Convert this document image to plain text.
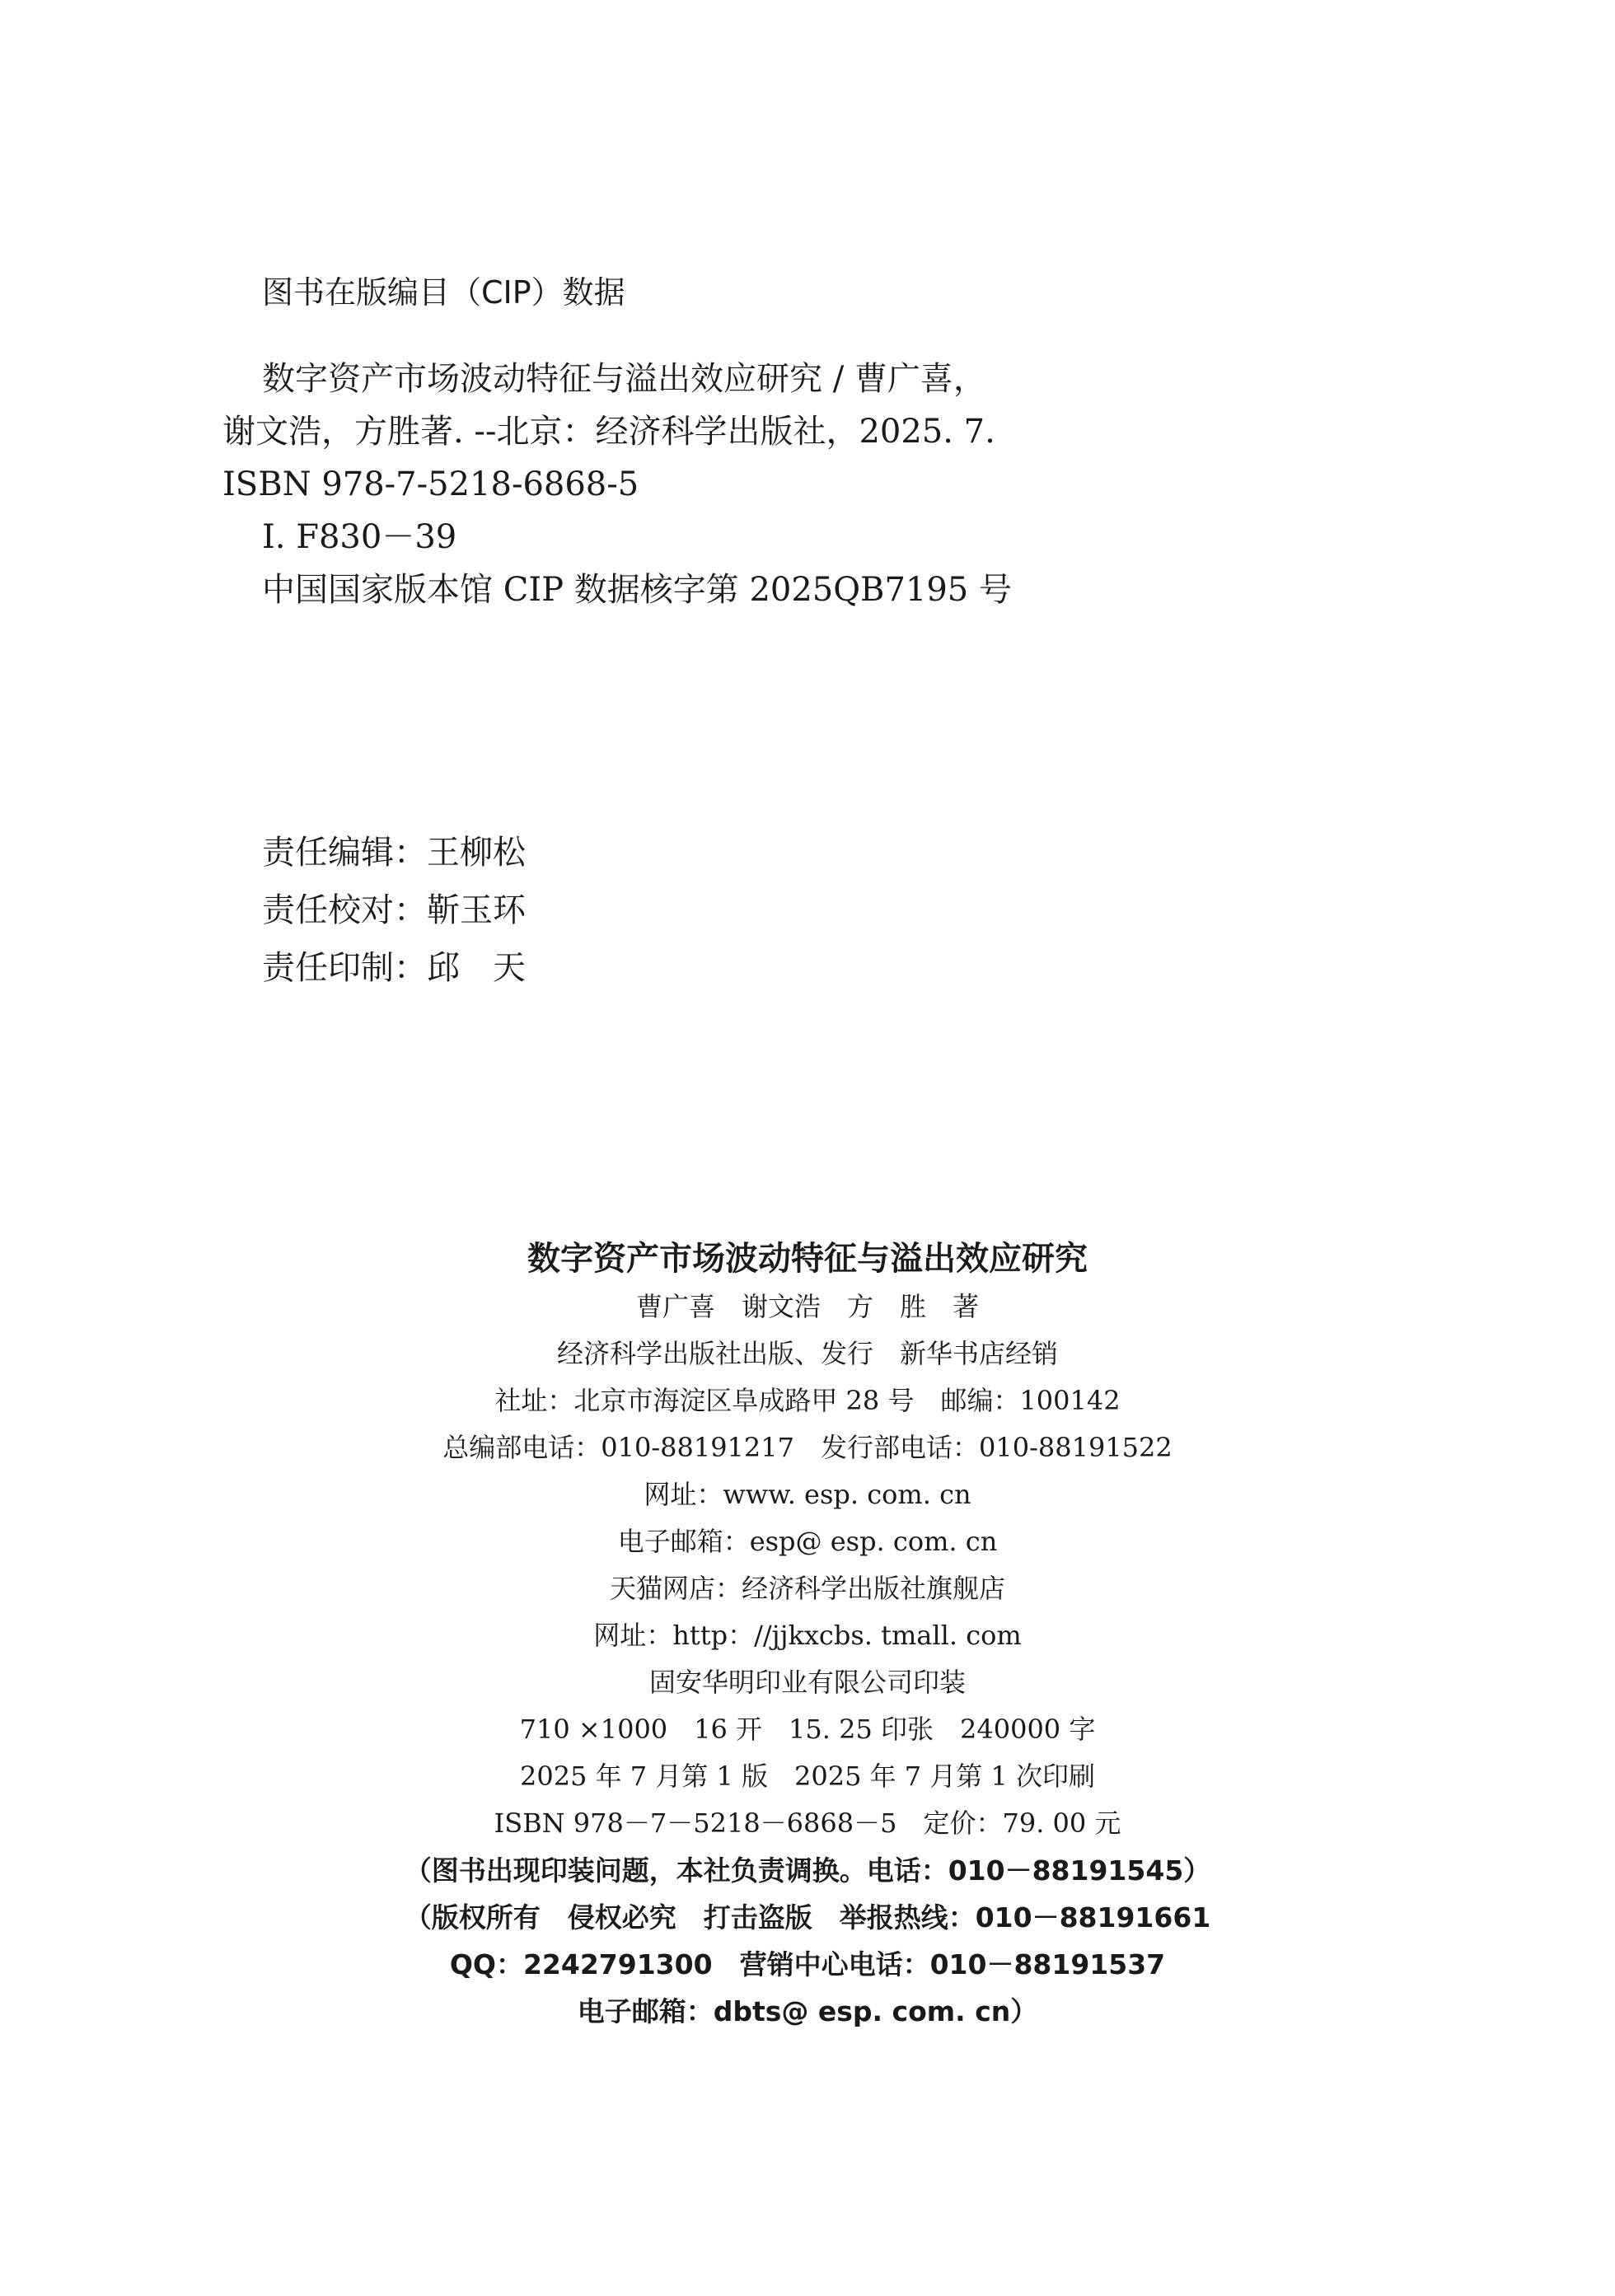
图书在版编目（CIP）数据
数字资产市场波动特征与溢出效应研究 / 曹广喜，
谢文浩，方胜著. --北京：经济科学出版社，2025. 7.
ISBN 978-7-5218-6868-5
Ⅰ. F830－39
中国国家版本馆 CIP 数据核字第 2025QB7195 号
责任编辑：王柳松
责任校对：靳玉环
责任印制：邱　天
数字资产市场波动特征与溢出效应研究
曹广喜　谢文浩　方　胜　著
经济科学出版社出版、发行　新华书店经销
社址：北京市海淀区阜成路甲 28 号　邮编：100142
总编部电话：010-88191217　发行部电话：010-88191522
网址：www. esp. com. cn
电子邮箱：esp@ esp. com. cn
天猫网店：经济科学出版社旗舰店
网址：http：//jjkxcbs. tmall. com
固安华明印业有限公司印装
710 ×1000　16 开　15. 25 印张　240000 字
2025 年 7 月第 1 版　2025 年 7 月第 1 次印刷
ISBN 978－7－5218－6868－5　定价：79. 00 元
（图书出现印装问题，本社负责调换。电话：010－88191545）
（版权所有　侵权必究　打击盗版　举报热线：010－88191661
QQ：2242791300　营销中心电话：010－88191537
电子邮箱：dbts@ esp. com. cn）
